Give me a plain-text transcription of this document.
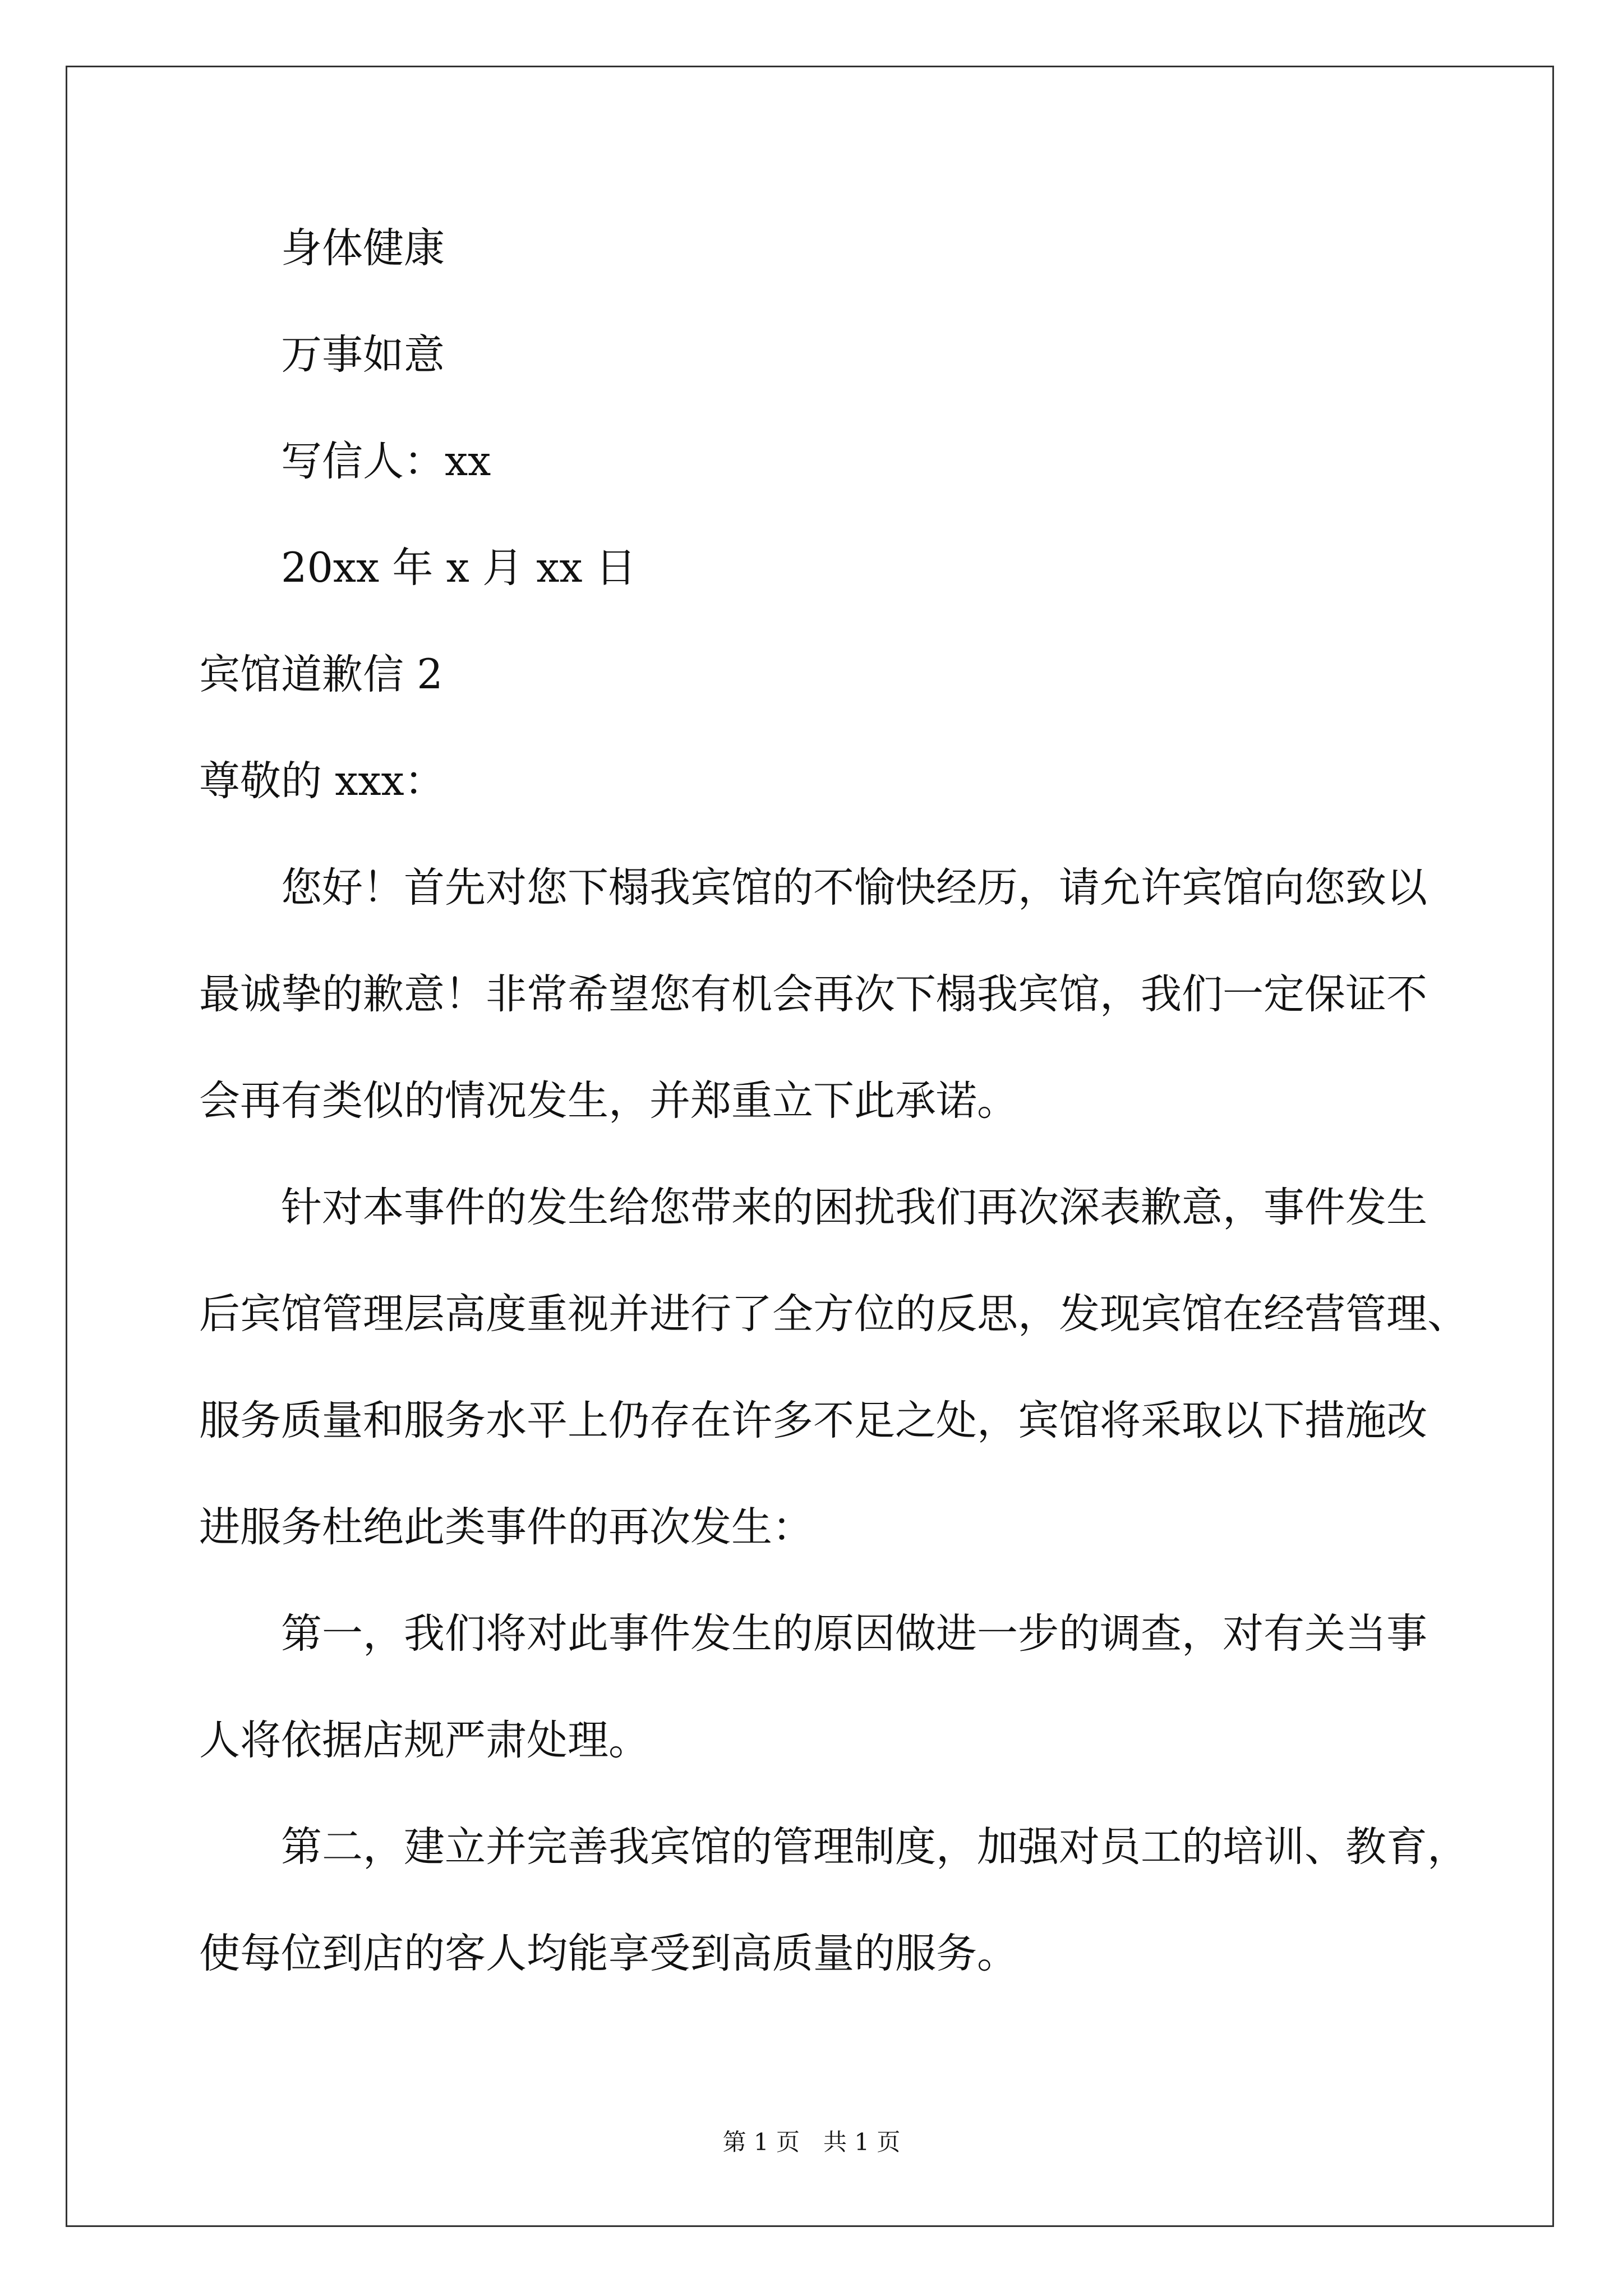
身体健康
万事如意
写信人：xx
20xx 年 x 月 xx 日
宾馆道歉信 2
尊敬的 xxx：
您好！首先对您下榻我宾馆的不愉快经历，请允许宾馆向您致以
最诚挚的歉意！非常希望您有机会再次下榻我宾馆，我们一定保证不
会再有类似的情况发生，并郑重立下此承诺。
针对本事件的发生给您带来的困扰我们再次深表歉意，事件发生
后宾馆管理层高度重视并进行了全方位的反思，发现宾馆在经营管理、
服务质量和服务水平上仍存在许多不足之处，宾馆将采取以下措施改
进服务杜绝此类事件的再次发生：
第一，我们将对此事件发生的原因做进一步的调查，对有关当事
人将依据店规严肃处理。
第二，建立并完善我宾馆的管理制度，加强对员工的培训、教育，
使每位到店的客人均能享受到高质量的服务。
第 1 页　共 1 页
